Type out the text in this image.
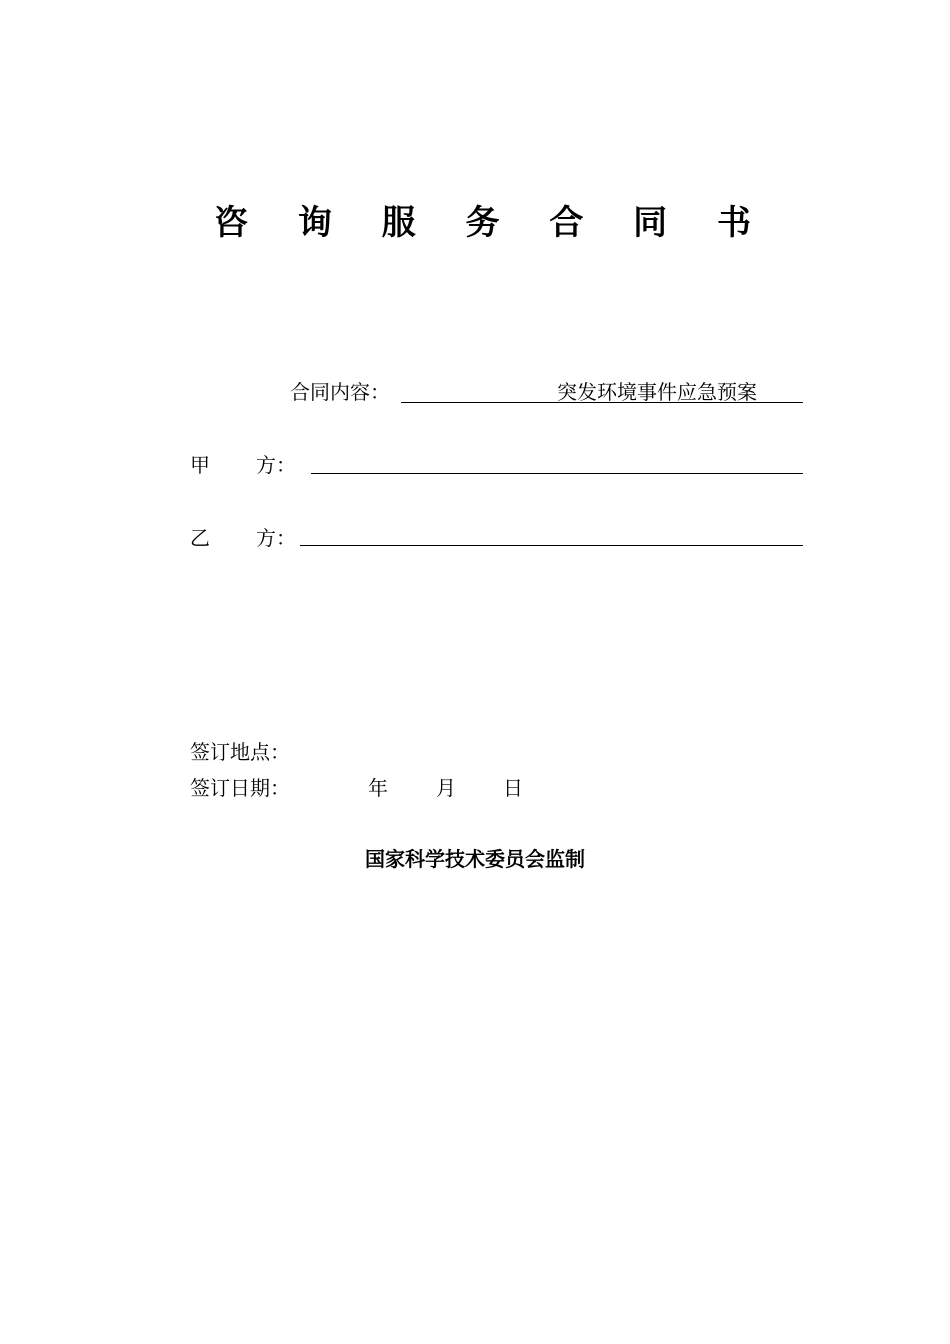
咨 询 服 务 合 同 书
合同内容：	突发环境事件应急预案
甲 方：
乙 方：
签订地点：
签订日期：	年 月 日
国家科学技术委员会监制
